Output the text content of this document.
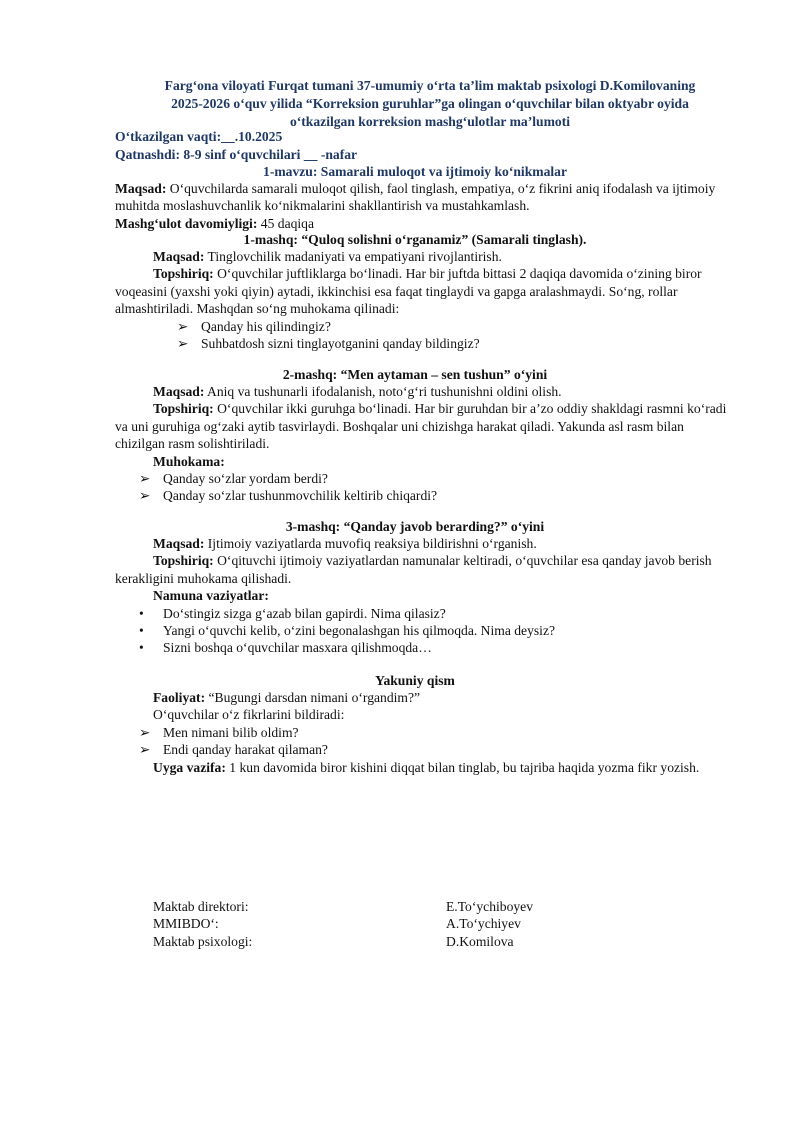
Farg‘ona viloyati Furqat tumani 37-umumiy o‘rta ta’lim maktab psixologi D.Komilovaning
2025-2026 o‘quv yilida “Korreksion guruhlar”ga olingan o‘quvchilar bilan oktyabr oyida
o‘tkazilgan korreksion mashg‘ulotlar ma’lumoti
O‘tkazilgan vaqti:__.10.2025
Qatnashdi: 8-9 sinf o‘quvchilari __ -nafar
1-mavzu: Samarali muloqot va ijtimoiy ko‘nikmalar
Maqsad: O‘quvchilarda samarali muloqot qilish, faol tinglash, empatiya, o‘z fikrini aniq ifodalash va ijtimoiy muhitda moslashuvchanlik ko‘nikmalarini shakllantirish va mustahkamlash.
Mashg‘ulot davomiyligi: 45 daqiqa
1-mashq: “Quloq solishni o‘rganamiz” (Samarali tinglash).
Maqsad: Tinglovchilik madaniyati va empatiyani rivojlantirish.
Topshiriq: O‘quvchilar juftliklarga bo‘linadi. Har bir juftda bittasi 2 daqiqa davomida o‘zining biror voqeasini (yaxshi yoki qiyin) aytadi, ikkinchisi esa faqat tinglaydi va gapga aralashmaydi. So‘ng, rollar almashtiriladi. Mashqdan so‘ng muhokama qilinadi:
➢ Qanday his qilindingiz?
➢ Suhbatdosh sizni tinglayotganini qanday bildingiz?
2-mashq: “Men aytaman – sen tushun” o‘yini
Maqsad: Aniq va tushunarli ifodalanish, noto‘g‘ri tushunishni oldini olish.
Topshiriq: O‘quvchilar ikki guruhga bo‘linadi. Har bir guruhdan bir a’zo oddiy shakldagi rasmni ko‘radi va uni guruhiga og‘zaki aytib tasvirlaydi. Boshqalar uni chizishga harakat qiladi. Yakunda asl rasm bilan chizilgan rasm solishtiriladi.
Muhokama:
➢ Qanday so‘zlar yordam berdi?
➢ Qanday so‘zlar tushunmovchilik keltirib chiqardi?
3-mashq: “Qanday javob berarding?” o‘yini
Maqsad: Ijtimoiy vaziyatlarda muvofiq reaksiya bildirishni o‘rganish.
Topshiriq: O‘qituvchi ijtimoiy vaziyatlardan namunalar keltiradi, o‘quvchilar esa qanday javob berish kerakligini muhokama qilishadi.
Namuna vaziyatlar:
• Do‘stingiz sizga g‘azab bilan gapirdi. Nima qilasiz?
• Yangi o‘quvchi kelib, o‘zini begonalashgan his qilmoqda. Nima deysiz?
• Sizni boshqa o‘quvchilar masxara qilishmoqda…
Yakuniy qism
Faoliyat: “Bugungi darsdan nimani o‘rgandim?”
O‘quvchilar o‘z fikrlarini bildiradi:
➢ Men nimani bilib oldim?
➢ Endi qanday harakat qilaman?
Uyga vazifa: 1 kun davomida biror kishini diqqat bilan tinglab, bu tajriba haqida yozma fikr yozish.
Maktab direktori:	E.To‘ychiboyev
MMIBDO‘:	A.To‘ychiyev
Maktab psixologi:	D.Komilova
